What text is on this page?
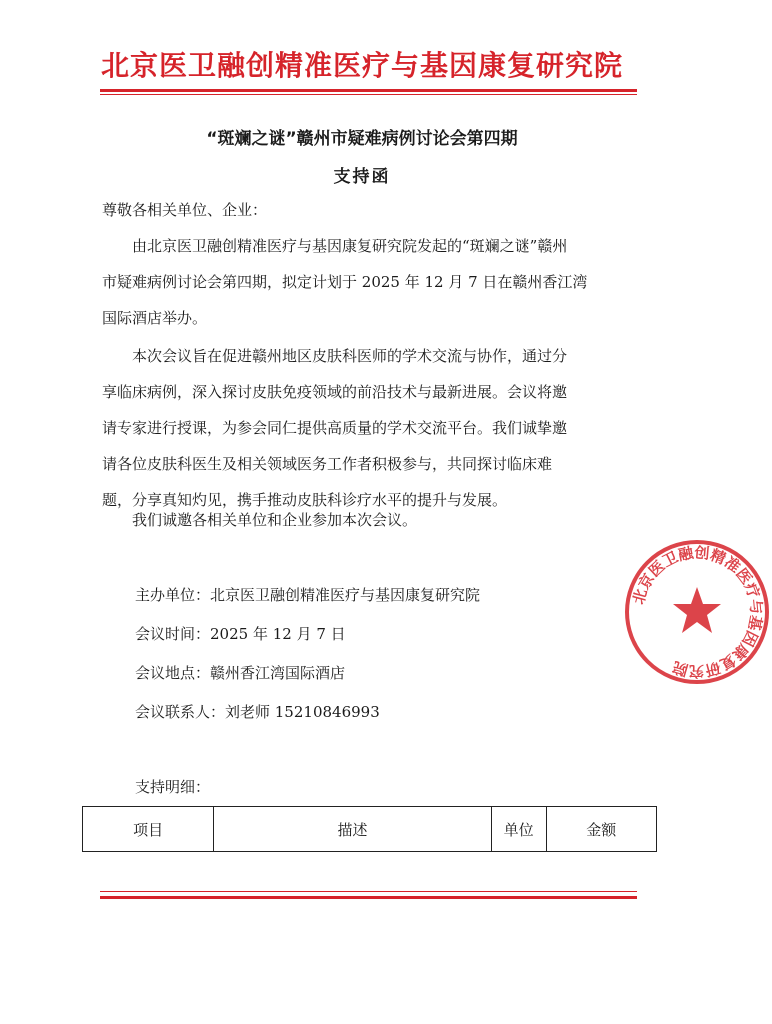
北京医卫融创精准医疗与基因康复研究院
“斑斓之谜”赣州市疑难病例讨论会第四期
支持函
尊敬各相关单位、企业：
　　由北京医卫融创精准医疗与基因康复研究院发起的“斑斓之谜”赣州
市疑难病例讨论会第四期，拟定计划于 2025 年 12 月 7 日在赣州香江湾
国际酒店举办。
　　本次会议旨在促进赣州地区皮肤科医师的学术交流与协作，通过分
享临床病例，深入探讨皮肤免疫领域的前沿技术与最新进展。会议将邀
请专家进行授课，为参会同仁提供高质量的学术交流平台。我们诚挚邀
请各位皮肤科医生及相关领域医务工作者积极参与，共同探讨临床难
题，分享真知灼见，携手推动皮肤科诊疗水平的提升与发展。
　　我们诚邀各相关单位和企业参加本次会议。
主办单位：北京医卫融创精准医疗与基因康复研究院
会议时间：2025 年 12 月 7 日
会议地点：赣州香江湾国际酒店
会议联系人：刘老师 15210846993
支持明细：
项目	描述	单位	金额
北京医卫融创精准医疗与基因康复研究院
